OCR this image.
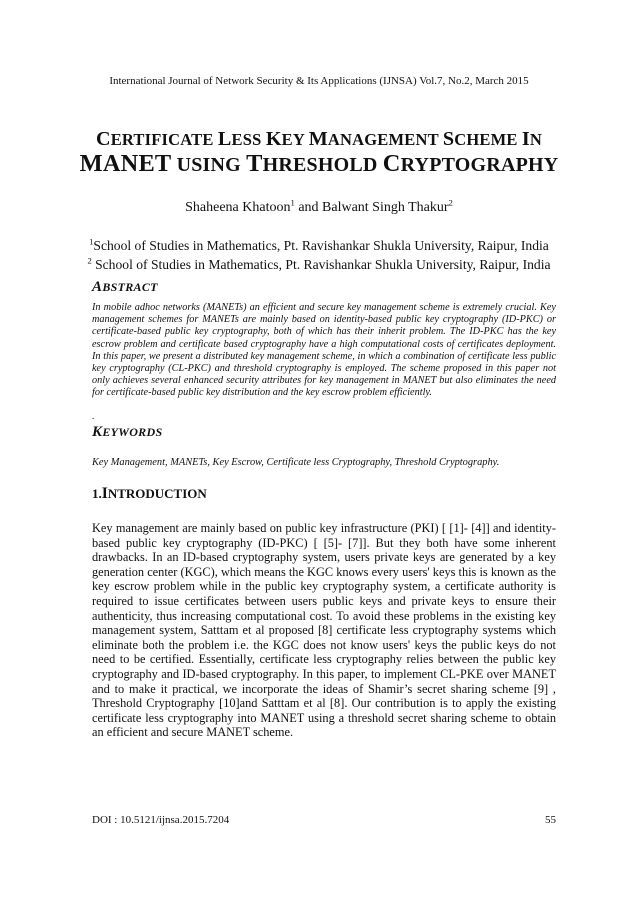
International Journal of Network Security & Its Applications (IJNSA) Vol.7, No.2, March 2015
CERTIFICATE LESS KEY MANAGEMENT SCHEME IN
MANET USING THRESHOLD CRYPTOGRAPHY
Shaheena Khatoon$^1$ and Balwant Singh Thakur$^2$
$^1$School of Studies in Mathematics, Pt. Ravishankar Shukla University, Raipur, India
$^2$ School of Studies in Mathematics, Pt. Ravishankar Shukla University, Raipur, India
ABSTRACT

In mobile adhoc networks (MANETs) an efficient and secure key management scheme is extremely crucial. Key management schemes for MANETs are mainly based on identity-based public key cryptography (ID-PKC) or certificate-based public key cryptography, both of which has their inherit problem. The ID-PKC has the key escrow problem and certificate based cryptography have a high computational costs of certificates deployment. In this paper, we present a distributed key management scheme, in which a combination of certificate less public key cryptography (CL-PKC) and threshold cryptography is employed. The scheme proposed in this paper not only achieves several enhanced security attributes for key management in MANET but also eliminates the need for certificate-based public key distribution and the key escrow problem efficiently.

.
KEYWORDS

Key Management, MANETs, Key Escrow, Certificate less Cryptography, Threshold Cryptography.

1.INTRODUCTION

Key management are mainly based on public key infrastructure (PKI) [ [1]- [4]] and identity-based public key cryptography (ID-PKC) [ [5]- [7]]. But they both have some inherent drawbacks. In an ID-based cryptography system, users private keys are generated by a key generation center (KGC), which means the KGC knows every users' keys this is known as the key escrow problem while in the public key cryptography system, a certificate authority is required to issue certificates between users public keys and private keys to ensure their authenticity, thus increasing computational cost. To avoid these problems in the existing key management system, Satttam et al proposed [8] certificate less cryptography systems which eliminate both the problem i.e. the KGC does not know users' keys the public keys do not need to be certified. Essentially, certificate less cryptography relies between the public key cryptography and ID-based cryptography. In this paper, to implement CL-PKE over MANET and to make it practical, we incorporate the ideas of Shamir’s secret sharing scheme [9] , Threshold Cryptography [10]and Satttam et al [8]. Our contribution is to apply the existing certificate less cryptography into MANET using a threshold secret sharing scheme to obtain an efficient and secure MANET scheme.

DOI : 10.5121/ijnsa.2015.7204	55
